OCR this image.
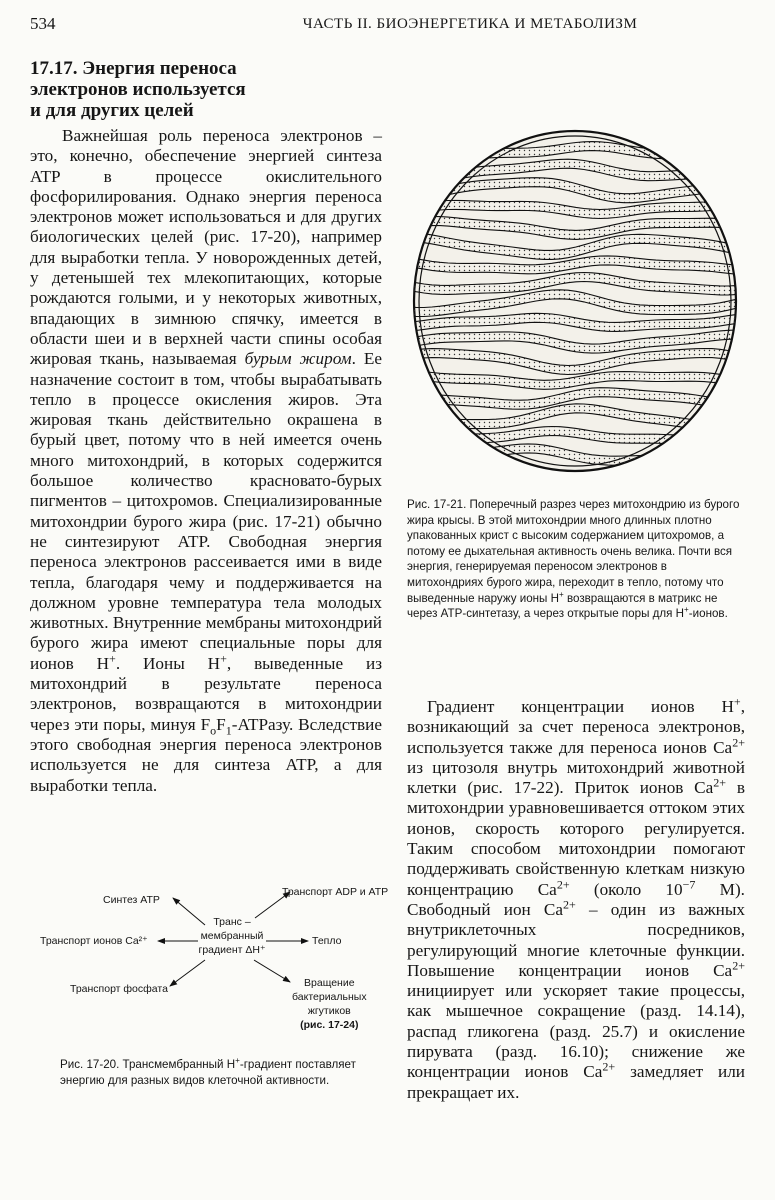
534	ЧАСТЬ II. БИОЭНЕРГЕТИКА И МЕТАБОЛИЗМ
17.17. Энергия переноса
электронов используется
и для других целей

Важнейшая роль переноса электронов – это, конечно, обеспечение энергией синтеза ATP в процессе окислительного фосфорилирования. Однако энергия переноса электронов может использоваться и для других биологических целей (рис. 17-20), например для выработки тепла. У новорожденных детей, у детенышей тех млекопитающих, которые рождаются голыми, и у некоторых животных, впадающих в зимнюю спячку, имеется в области шеи и в верхней части спины особая жировая ткань, называемая бурым жиром. Ее назначение состоит в том, чтобы вырабатывать тепло в процессе окисления жиров. Эта жировая ткань действительно окрашена в бурый цвет, потому что в ней имеется очень много митохондрий, в которых содержится большое количество красновато-бурых пигментов – цитохромов. Специализированные митохондрии бурого жира (рис. 17-21) обычно не синтезируют ATP. Свободная энергия переноса электронов рассеивается ими в виде тепла, благодаря чему и поддерживается на должном уровне температура тела молодых животных. Внутренние мембраны митохондрий бурого жира имеют специальные поры для ионов H+. Ионы H+, выведенные из митохондрий в результате переноса электронов, возвращаются в митохондрии через эти поры, минуя $F_oF_1$-ATPазу. Вследствие этого свободная энергия переноса электронов используется не для синтеза ATP, а для выработки тепла.

Рис. 17-21. Поперечный разрез через митохондрию из бурого жира крысы. В этой митохондрии много длинных плотно упакованных крист с высоким содержанием цитохромов, а потому ее дыхательная активность очень велика. Почти вся энергия, генерируемая переносом электронов в митохондриях бурого жира, переходит в тепло, потому что выведенные наружу ионы H+ возвращаются в матрикс не через ATP-синтетазу, а через открытые поры для H+-ионов.

Градиент концентрации ионов H+, возникающий за счет переноса электронов, используется также для переноса ионов $Ca^{2+}$ из цитозоля внутрь митохондрий животной клетки (рис. 17-22). Приток ионов $Ca^{2+}$ в митохондрии уравновешивается оттоком этих ионов, скорость которого регулируется. Таким способом митохондрии помогают поддерживать свойственную клеткам низкую концентрацию $Ca^{2+}$ (около $10^{-7}$ М). Свободный ион $Ca^{2+}$ – один из важных внутриклеточных посредников, регулирующий многие клеточные функции. Повышение концентрации ионов $Ca^{2+}$ инициирует или ускоряет такие процессы, как мышечное сокращение (разд. 14.14), распад гликогена (разд. 25.7) и окисление пирувата (разд. 16.10); снижение же концентрации ионов $Ca^{2+}$ замедляет или прекращает их.

Синтез ATP
Транспорт ADP и ATP
Транспорт ионов Ca²⁺	Тепло
Транспорт фосфата
Транс –
мембранный
градиент ΔH⁺
Вращение
бактериальных
жгутиков
(рис. 17-24)
Рис. 17-20. Трансмембранный H+-градиент поставляет энергию для разных видов клеточной активности.
